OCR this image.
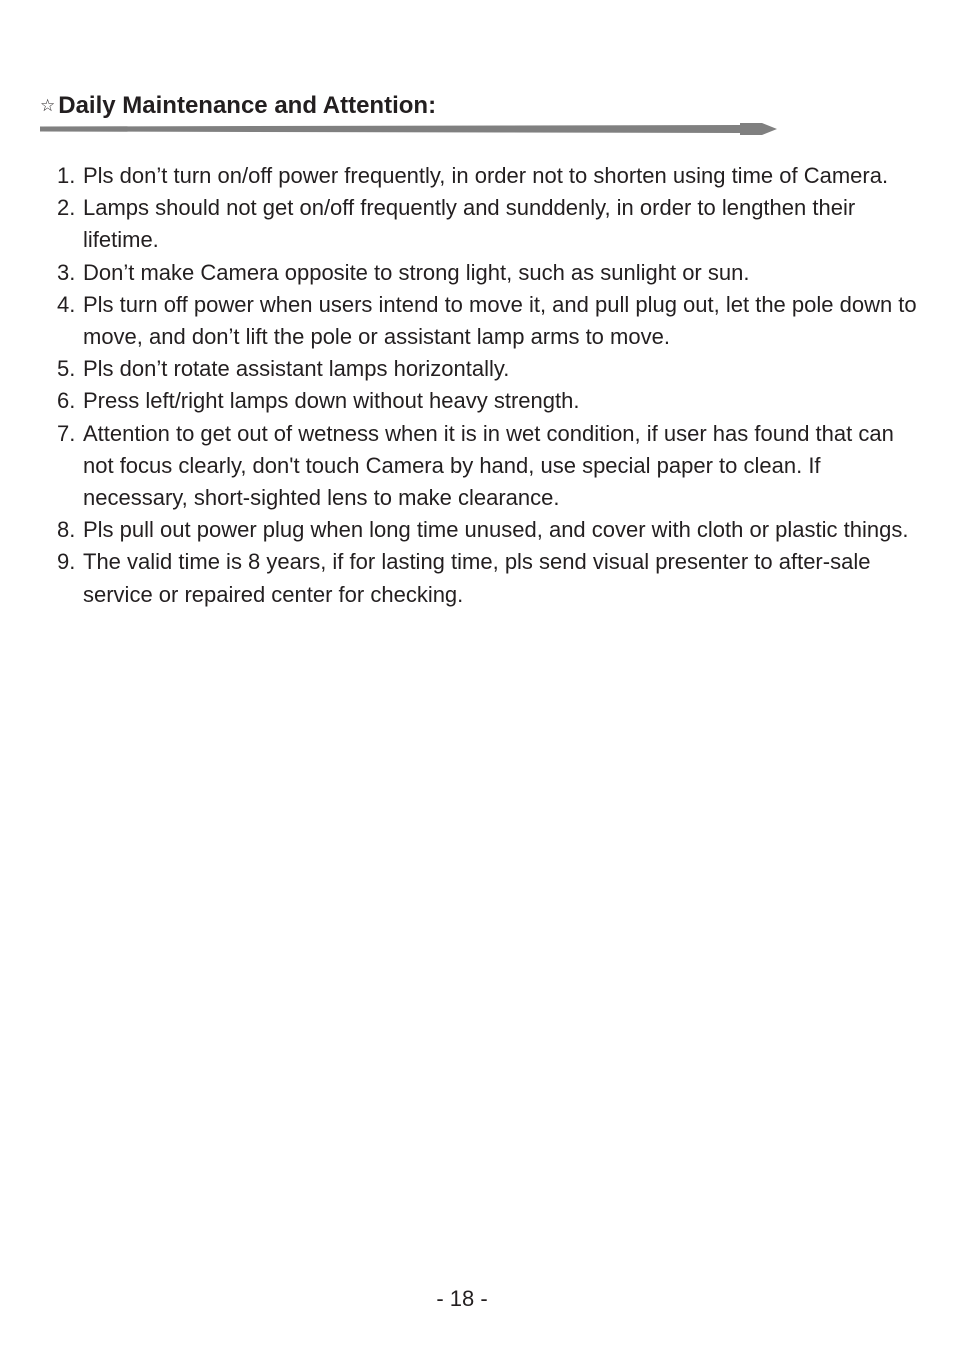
☆ Daily Maintenance and Attention:
1. Pls don’t turn on/off power frequently, in order not to shorten using time of Camera.
2. Lamps should not get on/off frequently and sunddenly, in order to lengthen their lifetime.
3. Don’t make Camera opposite to strong light, such as sunlight or sun.
4. Pls turn off power when users intend to move it, and pull plug out, let the pole down to move, and don’t lift the pole or assistant lamp arms to move.
5. Pls don’t rotate assistant lamps horizontally.
6. Press left/right lamps down without heavy strength.
7. Attention to get out of wetness when it is in wet condition, if user has found that can not focus clearly, don't touch Camera by hand, use special paper to clean. If necessary, short-sighted lens to make clearance.
8. Pls pull out power plug when long time unused, and cover with cloth or plastic things.
9. The valid time is 8 years, if for lasting time, pls send visual presenter to after-sale service or repaired center for checking.
- 18 -
